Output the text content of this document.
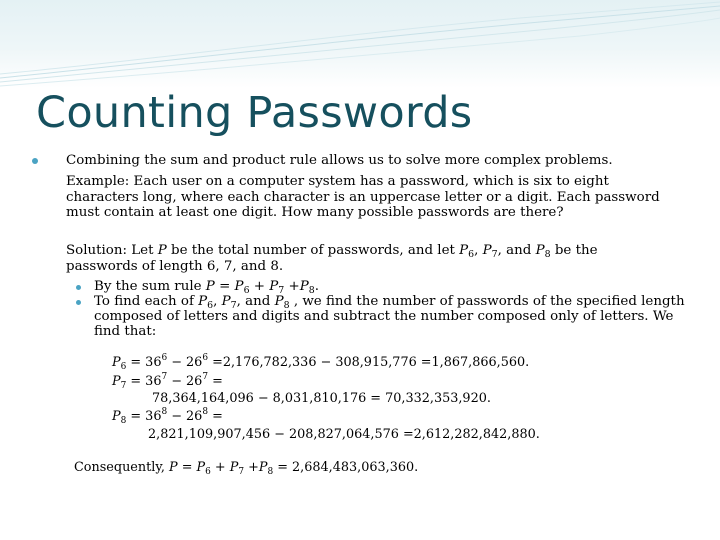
Counting Passwords

Combining the sum and product rule allows us to solve more complex problems.

Example: Each user on a computer system has a password, which is six to eight

characters long, where each character is an uppercase letter or a digit. Each password

must contain at least one digit. How many possible passwords are there?

Solution: Let P be the total number of passwords, and let $P_6$, $P_7$, and $P_8$ be the

passwords of length 6, 7, and 8.

By the sum rule $P = P_6 + P_7 +P_8$.

To find each of $P_6$, $P_7$, and $P_8$ , we find the number of passwords of the specified length

composed of letters and digits and subtract the number composed only of letters. We

find that:

$P_6 = 36^6 - 26^6 =2,176,782,336 - 308,915,776 =1,867,866,560$.

$P_7 = 36^7 - 26^7$ =

78,364,164,096 − 8,031,810,176 = 70,332,353,920.

$P_8 = 36^8 - 26^8$ =

2,821,109,907,456 − 208,827,064,576 =2,612,282,842,880.

Consequently, $P = P_6 + P_7 +P_8 = 2,684,483,063,360$.
